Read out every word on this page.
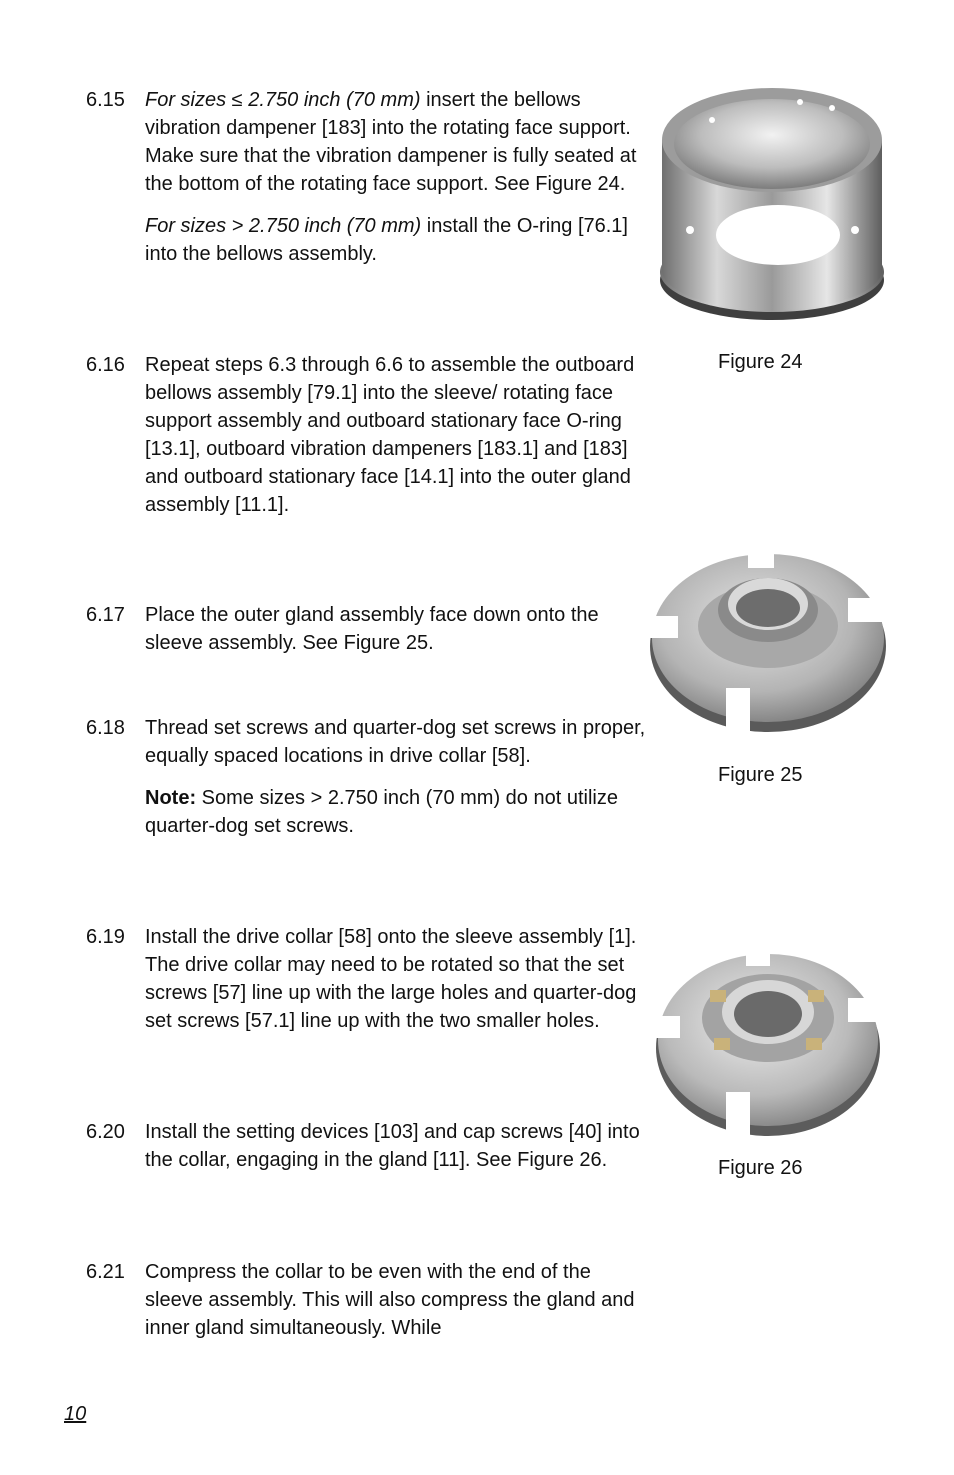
6.15	For sizes ≤ 2.750 inch (70 mm) insert the bellows vibration dampener [183] into the rotating face support. Make sure that the vibration dampener is fully seated at the bottom of the rotating face support. See Figure 24.

For sizes > 2.750 inch (70 mm) install the O-ring [76.1] into the bellows assembly.

6.16	Repeat steps 6.3 through 6.6 to assemble the outboard bellows assembly [79.1] into the sleeve/ rotating face support assembly and outboard stationary face O-ring [13.1], outboard vibration dampeners [183.1] and [183] and outboard stationary face [14.1] into the outer gland assembly [11.1].

6.17	Place the outer gland assembly face down onto the sleeve assembly. See Figure 25.

6.18	Thread set screws and quarter-dog set screws in proper, equally spaced locations in drive collar [58].

Note: Some sizes > 2.750 inch (70 mm) do not utilize quarter-dog set screws.

6.19	Install the drive collar [58] onto the sleeve assembly [1]. The drive collar may need to be rotated so that the set screws [57] line up with the large holes and quarter-dog set screws [57.1] line up with the two smaller holes.

6.20	Install the setting devices [103] and cap screws [40] into the collar, engaging in the gland [11]. See Figure 26.

6.21	Compress the collar to be even with the end of the sleeve assembly. This will also compress the gland and inner gland simultaneously. While

Figure 24
Figure 25
Figure 26
10
